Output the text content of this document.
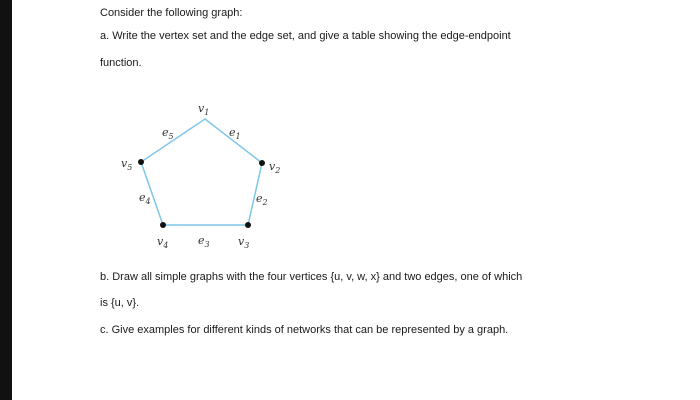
Consider the following graph:
a. Write the vertex set and the edge set, and give a table showing the edge-endpoint
function.
$v_1$
$v_2$
$v_3$
$v_4$
$v_5$
$e_1$
$e_2$
$e_3$
$e_4$
$e_5$
b. Draw all simple graphs with the four vertices {u, v, w, x} and two edges, one of which
is {u, v}.
c. Give examples for different kinds of networks that can be represented by a graph.
